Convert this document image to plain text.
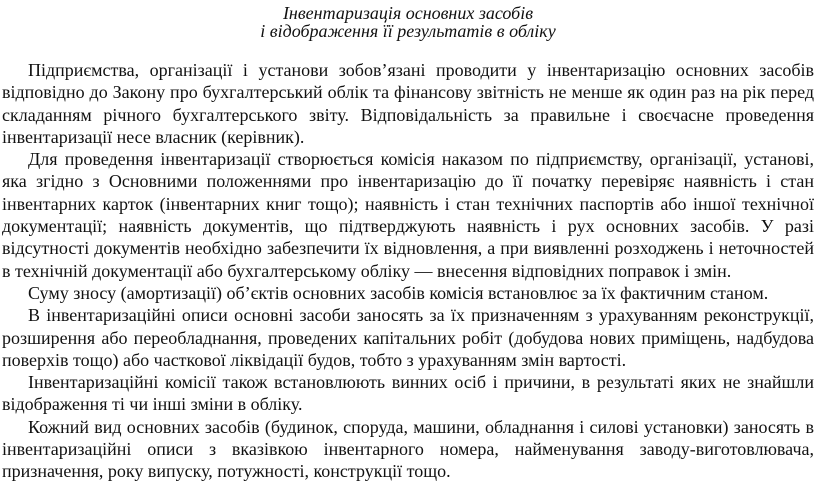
Інвентаризація основних засобів
і відображення її результатів в обліку

Підприємства, організації і установи зобов’язані проводити у інвентаризацію основних засобів відповідно до Закону про бухгалтерський облік та фінансову звітність не менше як один раз на рік перед складанням річного бухгалтерського звіту. Відповідальність за правильне і своєчасне проведення інвентаризації несе власник (керівник).

Для проведення інвентаризації створюється комісія наказом по підприємству, організації, установі, яка згідно з Основними положеннями про інвентаризацію до її початку перевіряє наявність і стан інвентарних карток (інвентарних книг тощо); наявність і стан технічних паспортів або іншої технічної документації; наявність документів, що підтверджують наявність і рух основних засобів. У разі відсутності документів необхідно забезпечити їх відновлення, а при виявленні розходжень і неточностей в технічній документації або бухгалтерському обліку — внесення відповідних поправок і змін.

Суму зносу (амортизації) об’єктів основних засобів комісія встановлює за їх фактичним станом.

В інвентаризаційні описи основні засоби заносять за їх призначенням з урахуванням реконструкції, розширення або переобладнання, проведених капітальних робіт (добудова нових приміщень, надбудова поверхів тощо) або часткової ліквідації будов, тобто з урахуванням змін вартості.

Інвентаризаційні комісії також встановлюють винних осіб і причини, в результаті яких не знайшли відображення ті чи інші зміни в обліку.

Кожний вид основних засобів (будинок, споруда, машини, обладнання і силові установки) заносять в інвентаризаційні описи з вказівкою інвентарного номера, найменування заводу-виготовлювача, призначення, року випуску, потужності, конструкції тощо.
